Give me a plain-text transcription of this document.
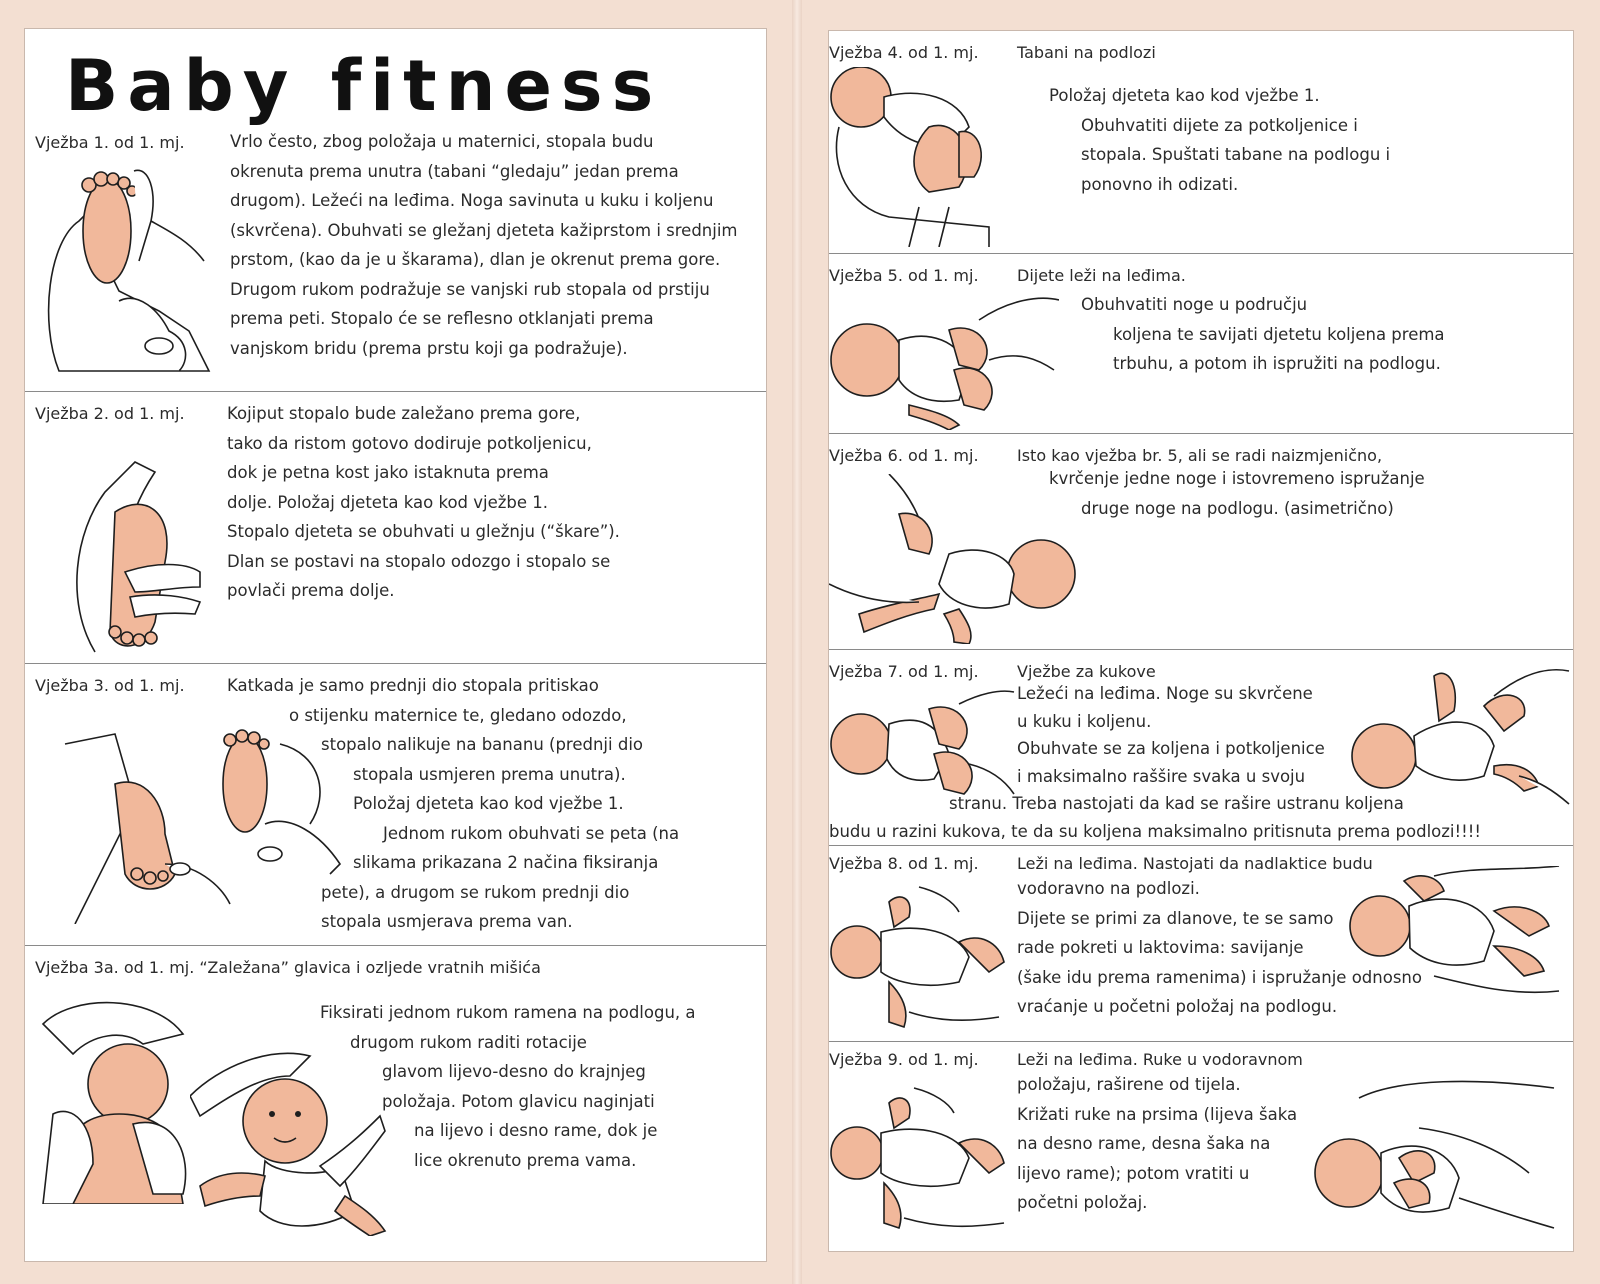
Baby fitness
Vježba 1. od 1. mj.	Vrlo često, zbog položaja u maternici, stopala budu
okrenuta prema unutra (tabani “gledaju” jedan prema
drugom). Ležeći na leđima. Noga savinuta u kuku i koljenu
(skvrčena). Obuhvati se gležanj djeteta kažiprstom i srednjim
prstom, (kao da je u škarama), dlan je okrenut prema gore.
Drugom rukom podražuje se vanjski rub stopala od prstiju
prema peti. Stopalo će se reflesno otklanjati prema
vanjskom bridu (prema prstu koji ga podražuje).
Vježba 2. od 1. mj.	Kojiput stopalo bude zaležano prema gore,
tako da ristom gotovo dodiruje potkoljenicu,
dok je petna kost jako istaknuta prema
dolje. Položaj djeteta kao kod vježbe 1.
Stopalo djeteta se obuhvati u gležnju (“škare”).
Dlan se postavi na stopalo odozgo i stopalo se
povlači prema dolje.
Vježba 3. od 1. mj.	Katkada je samo prednji dio stopala pritiskao
o stijenku maternice te, gledano odozdo,
stopalo nalikuje na bananu (prednji dio
stopala usmjeren prema unutra).
Položaj djeteta kao kod vježbe 1.
Jednom rukom obuhvati se peta (na
slikama prikazana 2 načina fiksiranja
pete), a drugom se rukom prednji dio
stopala usmjerava prema van.
Vježba 3a. od 1. mj. “Zaležana” glavica i ozljede vratnih mišića
Fiksirati jednom rukom ramena na podlogu, a
drugom rukom raditi rotacije
glavom lijevo-desno do krajnjeg
položaja. Potom glavicu naginjati
na lijevo i desno rame, dok je
lice okrenuto prema vama.
Vježba 4. od 1. mj. Tabani na podlozi
Položaj djeteta kao kod vježbe 1.
Obuhvatiti dijete za potkoljenice i
stopala. Spuštati tabane na podlogu i
ponovno ih odizati.
Vježba 5. od 1. mj. Dijete leži na leđima.
Obuhvatiti noge u području
koljena te savijati djetetu koljena prema
trbuhu, a potom ih ispružiti na podlogu.
Vježba 6. od 1. mj. Isto kao vježba br. 5, ali se radi naizmjenično,
kvrčenje jedne noge i istovremeno ispružanje
druge noge na podlogu. (asimetrično)
Vježba 7. od 1. mj. Vježbe za kukove
Ležeći na leđima. Noge su skvrčene
u kuku i koljenu.
Obuhvate se za koljena i potkoljenice
i maksimalno raššire svaka u svoju
stranu. Treba nastojati da kad se raširе ustranu koljena
budu u razini kukova, te da su koljena maksimalno pritisnuta prema podlozi!!!!
Vježba 8. od 1. mj. Leži na leđima. Nastojati da nadlaktice budu
vodoravno na podlozi.
Dijete se primi za dlanove, te se samo
rade pokreti u laktovima: savijanje
(šake idu prema ramenima) i ispružanje odnosno
vraćanje u početni položaj na podlogu.
Vježba 9. od 1. mj. Leži na leđima. Ruke u vodoravnom
položaju, raširene od tijela.
Križati ruke na prsima (lijeva šaka
na desno rame, desna šaka na
lijevo rame); potom vratiti u
početni položaj.
